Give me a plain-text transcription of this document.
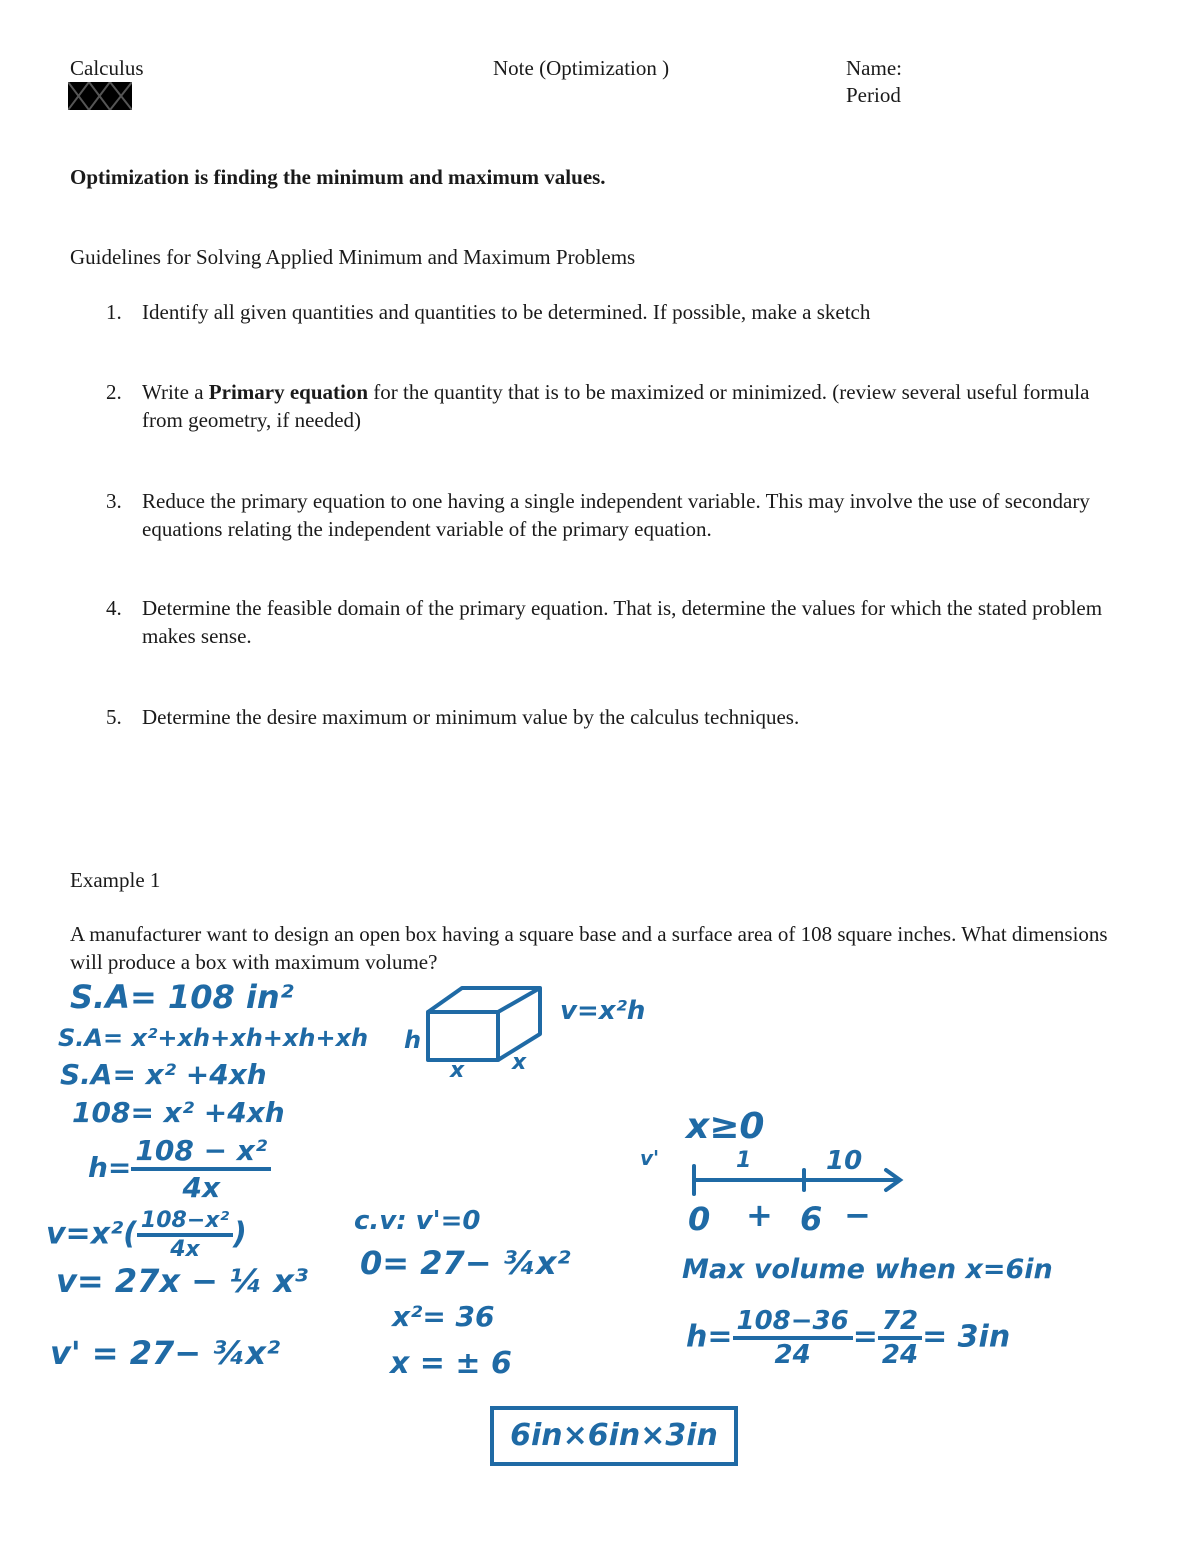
Calculus	Note (Optimization )	Name:
Period
Optimization is finding the minimum and maximum values.
Guidelines for Solving Applied Minimum and Maximum Problems
1. Identify all given quantities and quantities to be determined. If possible, make a sketch
2. Write a Primary equation for the quantity that is to be maximized or minimized. (review several useful formula from geometry, if needed)
3. Reduce the primary equation to one having a single independent variable. This may involve the use of secondary equations relating the independent variable of the primary equation.
4. Determine the feasible domain of the primary equation. That is, determine the values for which the stated problem makes sense.
5. Determine the desire maximum or minimum value by the calculus techniques.
Example 1
A manufacturer want to design an open box having a square base and a surface area of 108 square inches. What dimensions will produce a box with maximum volume?
S.A= 108 in²
S.A= x²+xh+xh+xh+xh
S.A= x² +4xh
108= x² +4xh
$h= \frac{\text{108 − x²}}{4x}$
$v=x^2( \frac{\text{108−x²}}{4x}$ )
v= 27x − ¼ x³
v' = 27− ¾x²
h
x x
v=x²h
c.v: v'=0
0= 27− ¾x²
x²= 36
x = ± 6
x≥0
v'	1	10
0 + 6 −
Max volume when x=6in
$h= \frac{108-36}{24} = \frac{72}{24} = 3in$
6in×6in×3in
